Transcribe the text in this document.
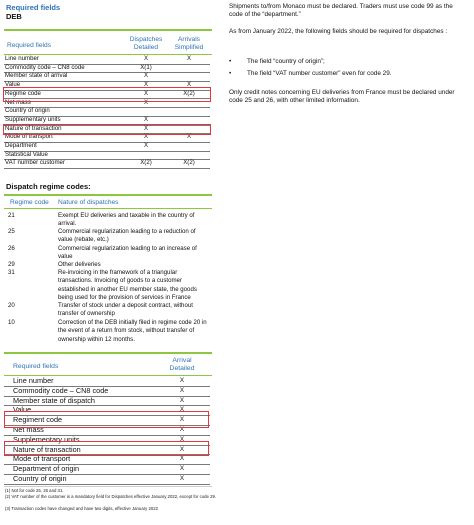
Required fields
DEB
Required fields
Dispatches
Detailed
Arrivals
Simplified
Line number	X	X
Commodity code – CN8 code	X(1)
Member state of arrival	X
Value	X	X
Regime code	X	X(2)
Net mass	X
Country of origin
Supplementary units	X
Nature of transaction	X
Mode of transport	X	X
Department	X
Statistical Value
VAT number customer	X(2)	X(2)
Dispatch regime codes:
Regime code Nature of dispatches
21	Exempt EU deliveries and taxable in the country of arrival.
25	Commercial regularization leading to a reduction of value (rebate, etc.)
26	Commercial regularization leading to an increase of value
29	Other deliveries
31	Re-invoicing in the framework of a triangular transactions. Invoicing of goods to a customer established in another EU member state, the goods being used for the provision of services in France
20	Transfer of stock under a deposit contract, without transfer of ownership
10	Correction of the DEB initially filed in regime code 20 in the event of a return from stock, without transfer of ownership within 12 months.
Required fields
Arrival
Detailed
Line number	X
Commodity code – CN8 code	X
Member state of dispatch	X
Value	X
Regiment code	X
Net mass	X
Supplementary units	X
Nature of transaction	X
Mode of transport	X
Department of origin	X
Country of origin	X
(1) Not for code 25, 26 and 31.
(2) VAT number of the customer is a mandatory field for Dispatches effective January 2022, except for code 29.
(3) Transaction codes have changed and have two digits, effective January 2022
Shipments to/from Monaco must be declared. Traders must use code 99 as the code of the “department.”
As from January 2022, the following fields should be required for dispatches :
• The field “country of origin”;
• The field “VAT number customer” even for code 29.
Only credit notes concerning EU deliveries from France must be declared under code 25 and 26, with other limited information.
